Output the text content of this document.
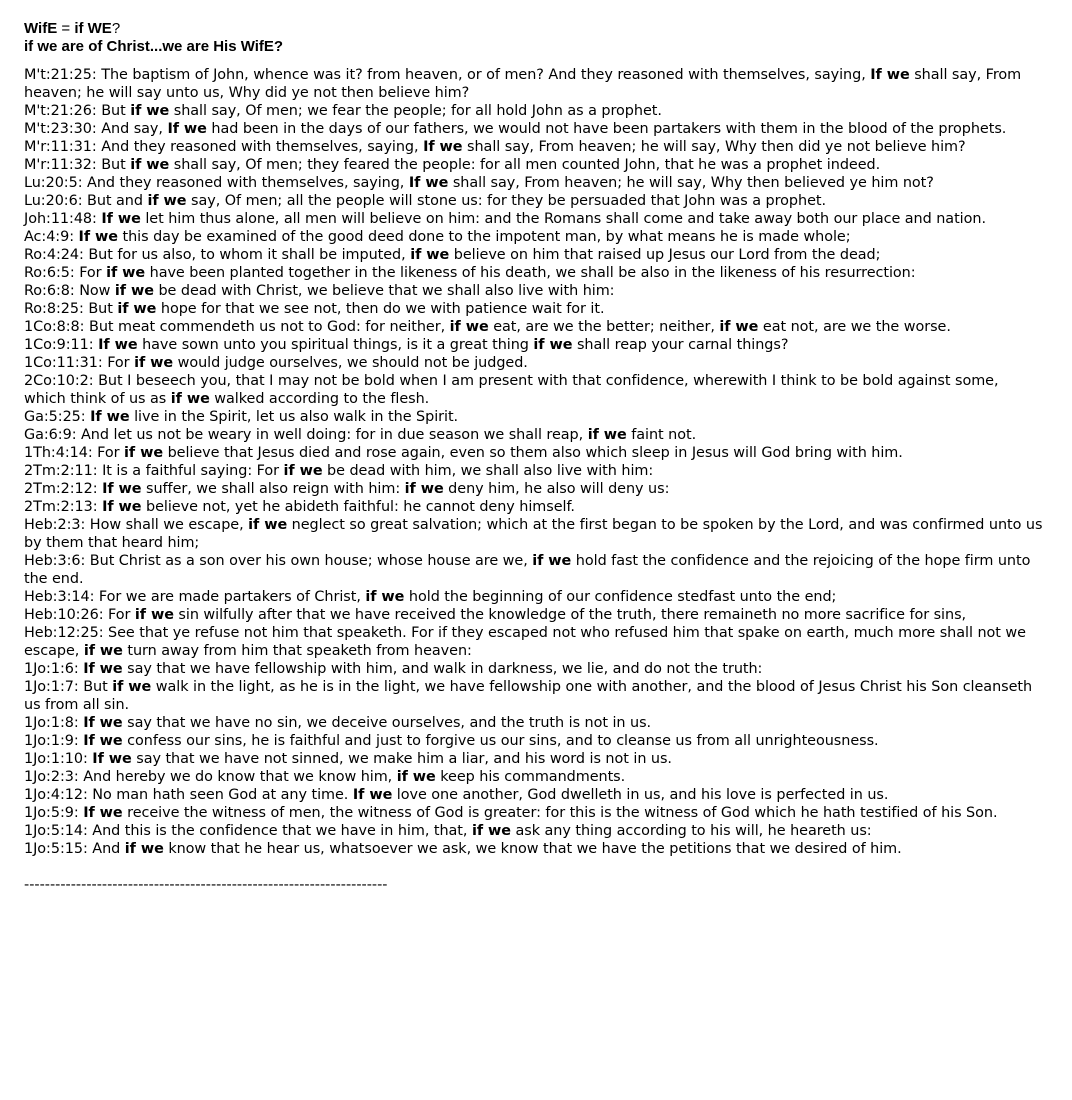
WifE = if WE?
if we are of Christ...we are His WifE?
M't:21:25: The baptism of John, whence was it? from heaven, or of men? And they reasoned with themselves, saying, If we shall say, From heaven; he will say unto us, Why did ye not then believe him?
M't:21:26: But if we shall say, Of men; we fear the people; for all hold John as a prophet.
M't:23:30: And say, If we had been in the days of our fathers, we would not have been partakers with them in the blood of the prophets.
M'r:11:31: And they reasoned with themselves, saying, If we shall say, From heaven; he will say, Why then did ye not believe him?
M'r:11:32: But if we shall say, Of men; they feared the people: for all men counted John, that he was a prophet indeed.
Lu:20:5: And they reasoned with themselves, saying, If we shall say, From heaven; he will say, Why then believed ye him not?
Lu:20:6: But and if we say, Of men; all the people will stone us: for they be persuaded that John was a prophet.
Joh:11:48: If we let him thus alone, all men will believe on him: and the Romans shall come and take away both our place and nation.
Ac:4:9: If we this day be examined of the good deed done to the impotent man, by what means he is made whole;
Ro:4:24: But for us also, to whom it shall be imputed, if we believe on him that raised up Jesus our Lord from the dead;
Ro:6:5: For if we have been planted together in the likeness of his death, we shall be also in the likeness of his resurrection:
Ro:6:8: Now if we be dead with Christ, we believe that we shall also live with him:
Ro:8:25: But if we hope for that we see not, then do we with patience wait for it.
1Co:8:8: But meat commendeth us not to God: for neither, if we eat, are we the better; neither, if we eat not, are we the worse.
1Co:9:11: If we have sown unto you spiritual things, is it a great thing if we shall reap your carnal things?
1Co:11:31: For if we would judge ourselves, we should not be judged.
2Co:10:2: But I beseech you, that I may not be bold when I am present with that confidence, wherewith I think to be bold against some, which think of us as if we walked according to the flesh.
Ga:5:25: If we live in the Spirit, let us also walk in the Spirit.
Ga:6:9: And let us not be weary in well doing: for in due season we shall reap, if we faint not.
1Th:4:14: For if we believe that Jesus died and rose again, even so them also which sleep in Jesus will God bring with him.
2Tm:2:11: It is a faithful saying: For if we be dead with him, we shall also live with him:
2Tm:2:12: If we suffer, we shall also reign with him: if we deny him, he also will deny us:
2Tm:2:13: If we believe not, yet he abideth faithful: he cannot deny himself.
Heb:2:3: How shall we escape, if we neglect so great salvation; which at the first began to be spoken by the Lord, and was confirmed unto us by them that heard him;
Heb:3:6: But Christ as a son over his own house; whose house are we, if we hold fast the confidence and the rejoicing of the hope firm unto the end.
Heb:3:14: For we are made partakers of Christ, if we hold the beginning of our confidence stedfast unto the end;
Heb:10:26: For if we sin wilfully after that we have received the knowledge of the truth, there remaineth no more sacrifice for sins,
Heb:12:25: See that ye refuse not him that speaketh. For if they escaped not who refused him that spake on earth, much more shall not we escape, if we turn away from him that speaketh from heaven:
1Jo:1:6: If we say that we have fellowship with him, and walk in darkness, we lie, and do not the truth:
1Jo:1:7: But if we walk in the light, as he is in the light, we have fellowship one with another, and the blood of Jesus Christ his Son cleanseth us from all sin.
1Jo:1:8: If we say that we have no sin, we deceive ourselves, and the truth is not in us.
1Jo:1:9: If we confess our sins, he is faithful and just to forgive us our sins, and to cleanse us from all unrighteousness.
1Jo:1:10: If we say that we have not sinned, we make him a liar, and his word is not in us.
1Jo:2:3: And hereby we do know that we know him, if we keep his commandments.
1Jo:4:12: No man hath seen God at any time. If we love one another, God dwelleth in us, and his love is perfected in us.
1Jo:5:9: If we receive the witness of men, the witness of God is greater: for this is the witness of God which he hath testified of his Son.
1Jo:5:14: And this is the confidence that we have in him, that, if we ask any thing according to his will, he heareth us:
1Jo:5:15: And if we know that he hear us, whatsoever we ask, we know that we have the petitions that we desired of him.
----------------------------------------------------------------------
